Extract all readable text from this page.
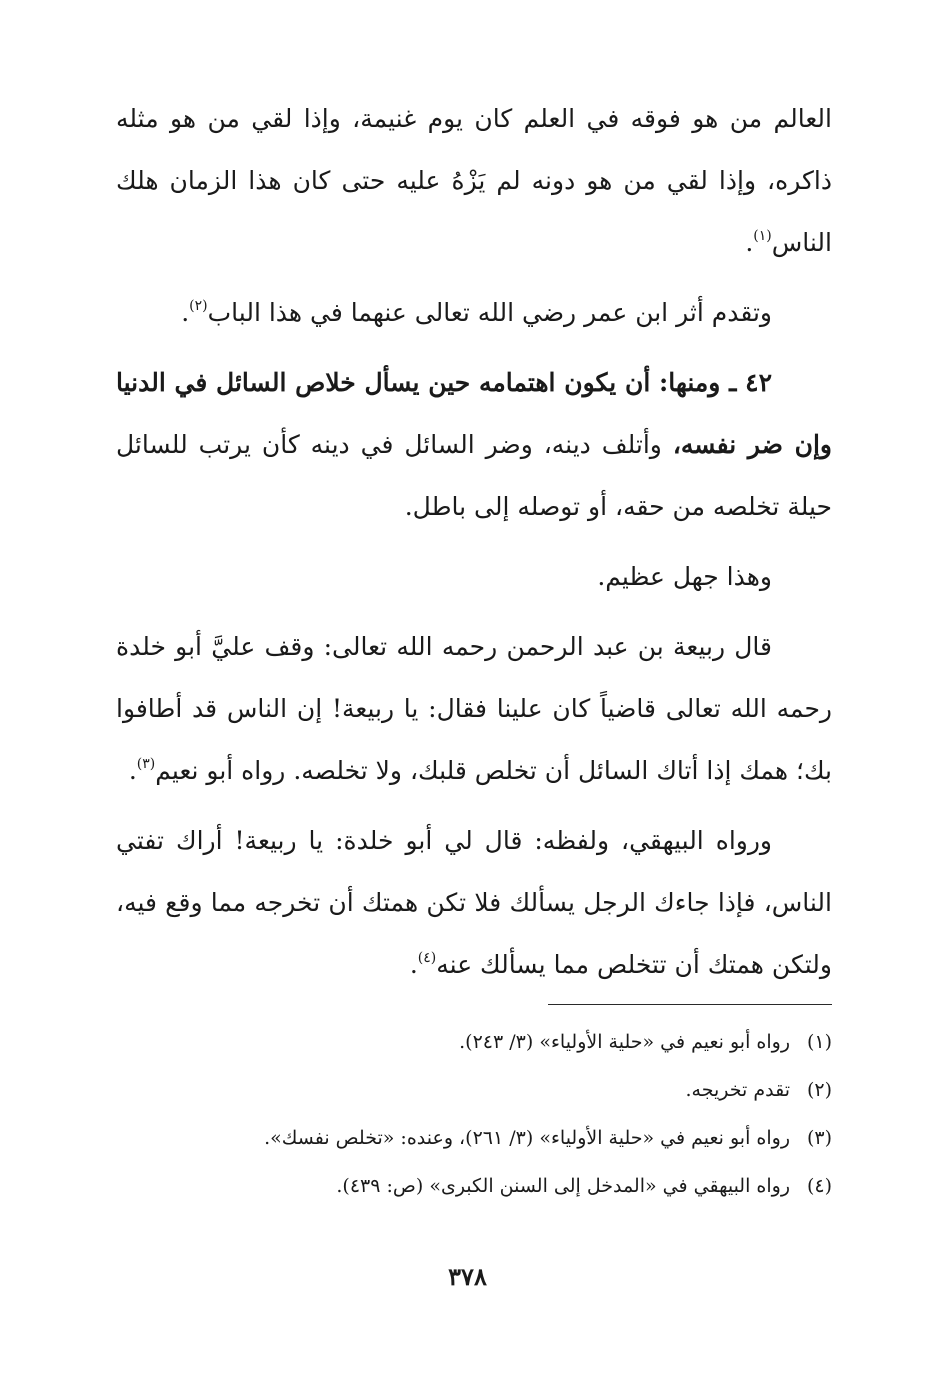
العالم من هو فوقه في العلم كان يوم غنيمة، وإذا لقي من هو مثله ذاكره، وإذا لقي من هو دونه لم يَزْهُ عليه حتى كان هذا الزمان هلك الناس$^{(١)}$.

وتقدم أثر ابن عمر رضي الله تعالى عنهما في هذا الباب$^{(٢)}$.

٤٢ ـ ومنها: أن يكون اهتمامه حين يسأل خلاص السائل في الدنيا وإن ضر نفسه، وأتلف دينه، وضر السائل في دينه كأن يرتب للسائل حيلة تخلصه من حقه، أو توصله إلى باطل.

وهذا جهل عظيم.

قال ربيعة بن عبد الرحمن رحمه الله تعالى: وقف عليَّ أبو خلدة رحمه الله تعالى قاضياً كان علينا فقال: يا ربيعة! إن الناس قد أطافوا بك؛ همك إذا أتاك السائل أن تخلص قلبك، ولا تخلصه. رواه أبو نعيم$^{(٣)}$.

ورواه البيهقي، ولفظه: قال لي أبو خلدة: يا ربيعة! أراك تفتي الناس، فإذا جاءك الرجل يسألك فلا تكن همتك أن تخرجه مما وقع فيه، ولتكن همتك أن تتخلص مما يسألك عنه$^{(٤)}$.

(١)
رواه أبو نعيم في «حلية الأولياء» (٣/ ٢٤٣).
(٢)
تقدم تخريجه.
(٣)
رواه أبو نعيم في «حلية الأولياء» (٣/ ٢٦١)، وعنده: «تخلص نفسك».
(٤)
رواه البيهقي في «المدخل إلى السنن الكبرى» (ص: ٤٣٩).
٣٧٨
